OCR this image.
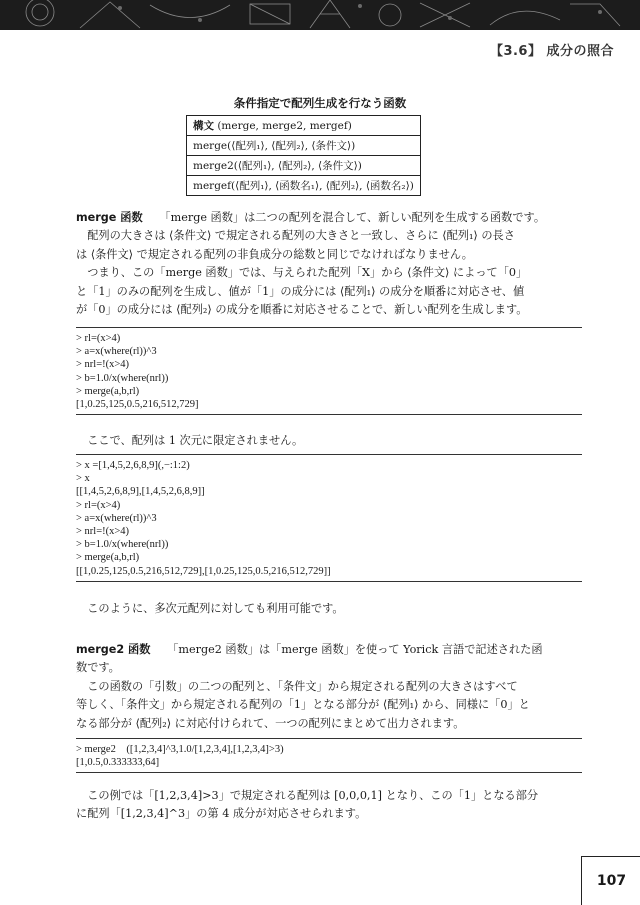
【3.6】 成分の照合
条件指定で配列生成を行なう函数
構文 (merge, merge2, mergef)
merge(⟨配列₁⟩, ⟨配列₂⟩, ⟨条件文⟩)
merge2(⟨配列₁⟩, ⟨配列₂⟩, ⟨条件文⟩)
mergef(⟨配列₁⟩, ⟨函数名₁⟩, ⟨配列₂⟩, ⟨函数名₂⟩)
merge 函数　　 「merge 函数」は二つの配列を混合して、新しい配列を生成する函数です。
　配列の大きさは ⟨条件文⟩ で規定される配列の大きさと一致し、さらに ⟨配列₁⟩ の長さ
は ⟨条件文⟩ で規定される配列の非負成分の総数と同じでなければなりません。
　つまり、この「merge 函数」では、与えられた配列「X」から ⟨条件文⟩ によって「0」
と「1」のみの配列を生成し、値が「1」の成分には ⟨配列₁⟩ の成分を順番に対応させ、値
が「0」の成分には ⟨配列₂⟩ の成分を順番に対応させることで、新しい配列を生成します。
> rl=(x>4)
> a=x(where(rl))^3
> nrl=!(x>4)
> b=1.0/x(where(nrl))
> merge(a,b,rl)
[1,0.25,125,0.5,216,512,729]
　ここで、配列は 1 次元に限定されません。
> x =[1,4,5,2,6,8,9](,−:1:2)
> x
[[1,4,5,2,6,8,9],[1,4,5,2,6,8,9]]
> rl=(x>4)
> a=x(where(rl))^3
> nrl=!(x>4)
> b=1.0/x(where(nrl))
> merge(a,b,rl)
[[1,0.25,125,0.5,216,512,729],[1,0.25,125,0.5,216,512,729]]
　このように、多次元配列に対しても利用可能です。
merge2 函数　　 「merge2 函数」は「merge 函数」を使って Yorick 言語で記述された函
数です。
　この函数の「引数」の二つの配列と、「条件文」から規定される配列の大きさはすべて
等しく、「条件文」から規定される配列の「1」となる部分が ⟨配列₁⟩ から、同様に「0」と
なる部分が ⟨配列₂⟩ に対応付けられて、一つの配列にまとめて出力されます。
> merge2　([1,2,3,4]^3,1.0/[1,2,3,4],[1,2,3,4]>3)
[1,0.5,0.333333,64]
　この例では「[1,2,3,4]>3」で規定される配列は [0,0,0,1] となり、この「1」となる部分
に配列「[1,2,3,4]^3」の第 4 成分が対応させられます。
107
